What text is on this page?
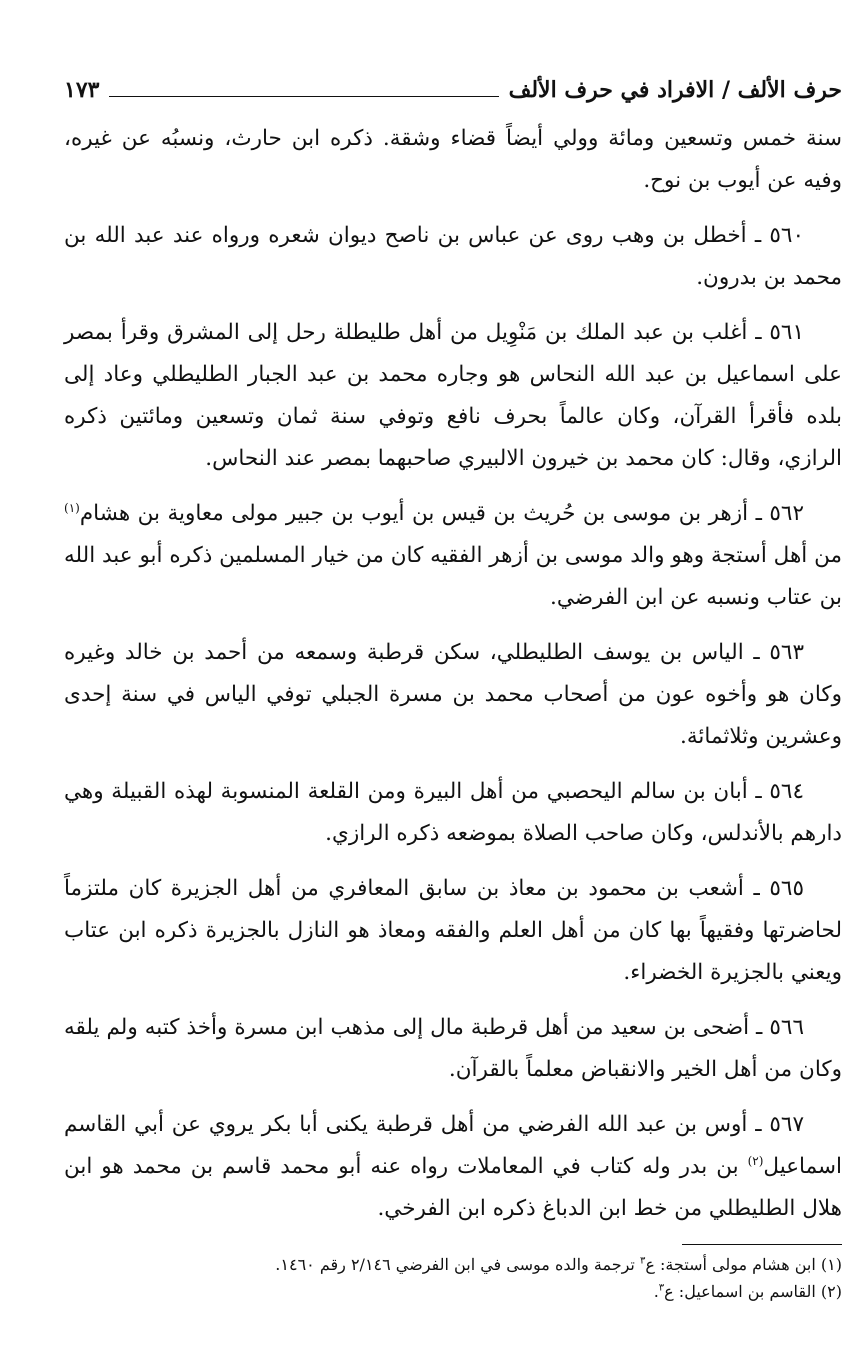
حرف الألف / الافراد في حرف الألف
١٧٣

سنة خمس وتسعين ومائة وولي أيضاً قضاء وشقة. ذكره ابن حارث، ونسبُه عن غيره، وفيه عن أيوب بن نوح.

٥٦٠ ـ أخطل بن وهب روى عن عباس بن ناصح ديوان شعره ورواه عند عبد الله بن محمد بن بدرون.

٥٦١ ـ أغلب بن عبد الملك بن مَنْوِيل من أهل طليطلة رحل إلى المشرق وقرأ بمصر على اسماعيل بن عبد الله النحاس هو وجاره محمد بن عبد الجبار الطليطلي وعاد إلى بلده فأقرأ القرآن، وكان عالماً بحرف نافع وتوفي سنة ثمان وتسعين ومائتين ذكره الرازي، وقال: كان محمد بن خيرون الالبيري صاحبهما بمصر عند النحاس.

٥٦٢ ـ أزهر بن موسى بن حُريث بن قيس بن أيوب بن جبير مولى معاوية بن هشام$^{(١)}$ من أهل أستجة وهو والد موسى بن أزهر الفقيه كان من خيار المسلمين ذكره أبو عبد الله بن عتاب ونسبه عن ابن الفرضي.

٥٦٣ ـ الياس بن يوسف الطليطلي، سكن قرطبة وسمعه من أحمد بن خالد وغيره وكان هو وأخوه عون من أصحاب محمد بن مسرة الجبلي توفي الياس في سنة إحدى وعشرين وثلاثمائة.

٥٦٤ ـ أبان بن سالم اليحصبي من أهل البيرة ومن القلعة المنسوبة لهذه القبيلة وهي دارهم بالأندلس، وكان صاحب الصلاة بموضعه ذكره الرازي.

٥٦٥ ـ أشعب بن محمود بن معاذ بن سابق المعافري من أهل الجزيرة كان ملتزماً لحاضرتها وفقيهاً بها كان من أهل العلم والفقه ومعاذ هو النازل بالجزيرة ذكره ابن عتاب ويعني بالجزيرة الخضراء.

٥٦٦ ـ أضحى بن سعيد من أهل قرطبة مال إلى مذهب ابن مسرة وأخذ كتبه ولم يلقه وكان من أهل الخير والانقباض معلماً بالقرآن.

٥٦٧ ـ أوس بن عبد الله الفرضي من أهل قرطبة يكنى أبا بكر يروي عن أبي القاسم اسماعيل$^{(٢)}$ بن بدر وله كتاب في المعاملات رواه عنه أبو محمد قاسم بن محمد هو ابن هلال الطليطلي من خط ابن الدباغ ذكره ابن الفرخي.

(١) ابن هشام مولى أستجة: ع$^٣$ ترجمة والده موسى في ابن الفرضي ٢/١٤٦ رقم ١٤٦٠.

(٢) القاسم بن اسماعيل: ع$^٣$.
